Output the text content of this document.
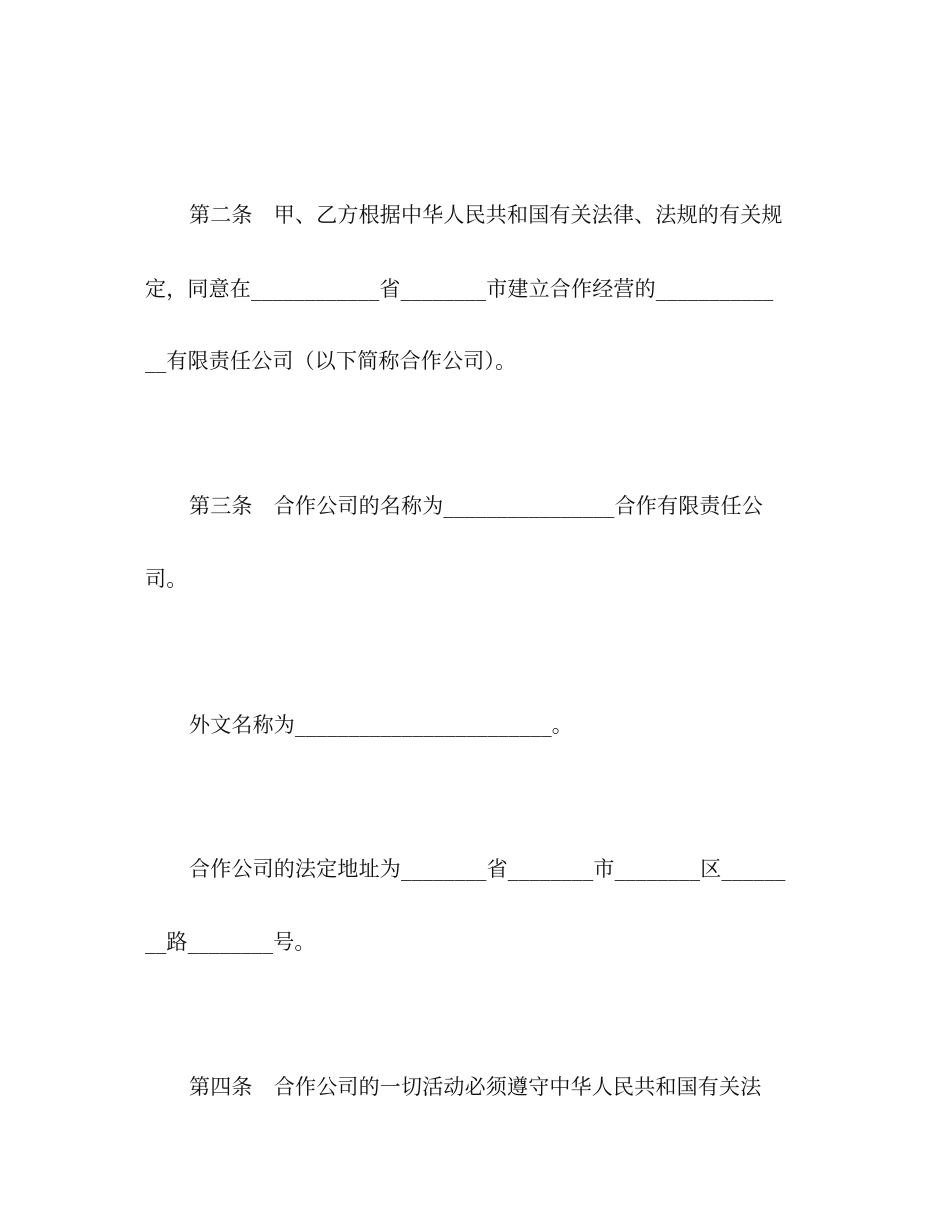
第二条　甲、乙方根据中华人民共和国有关法律、法规的有关规
定，同意在____________省________市建立合作经营的___________
__有限责任公司（以下简称合作公司）。
第三条　合作公司的名称为________________合作有限责任公
司。
外文名称为________________________。
合作公司的法定地址为________省________市________区______
__路________号。
第四条　合作公司的一切活动必须遵守中华人民共和国有关法
